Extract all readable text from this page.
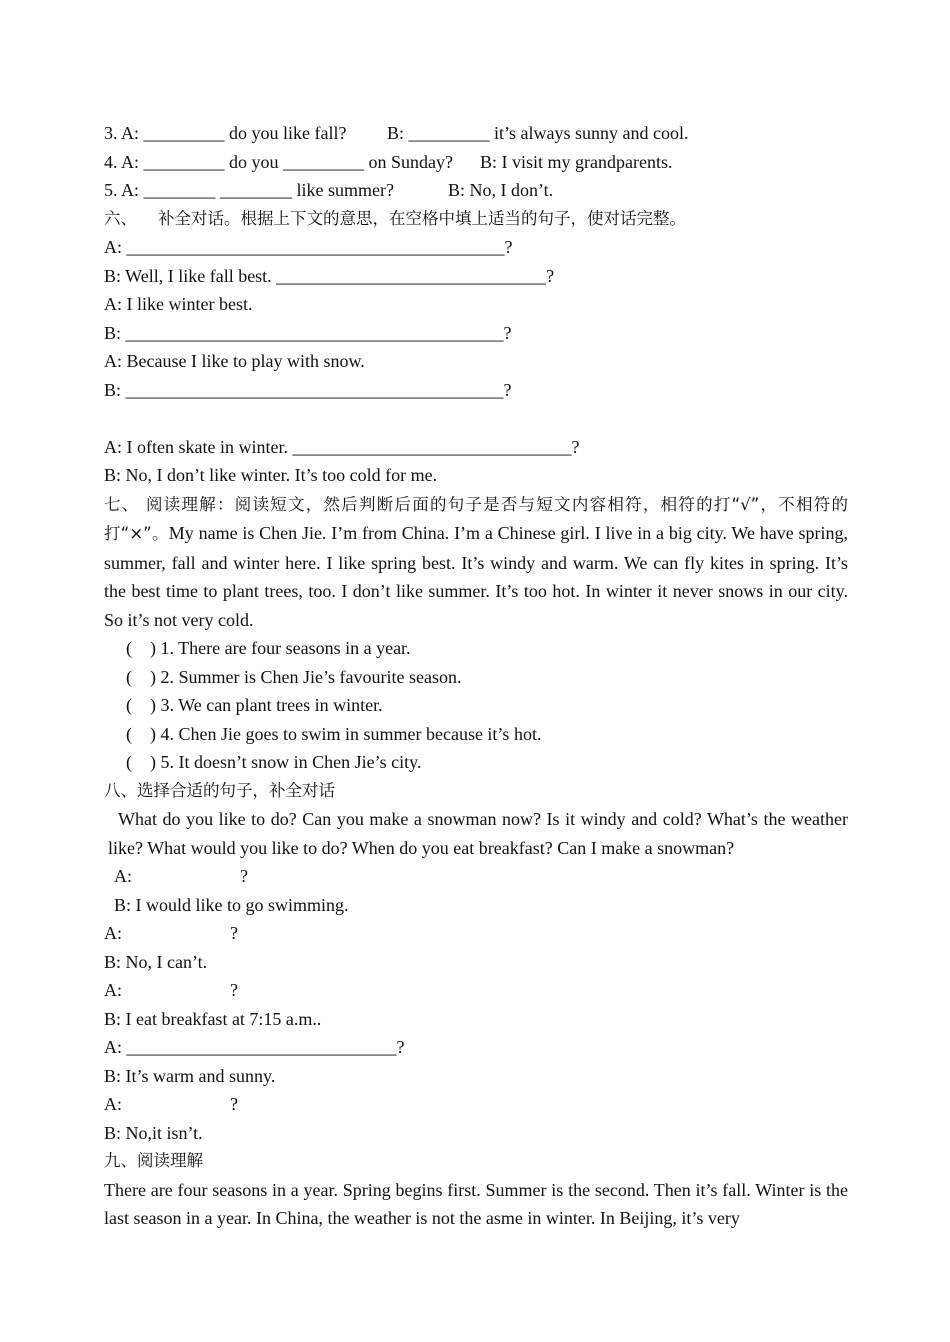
3. A: _________ do you like fall?         B: _________ it’s always sunny and cool.
4. A: _________ do you _________ on Sunday?      B: I visit my grandparents.
5. A: ________ ________ like summer?            B: No, I don’t.
六、    补全对话。根据上下文的意思，在空格中填上适当的句子，使对话完整。
A: __________________________________________?
B: Well, I like fall best. ______________________________?
A: I like winter best.
B: __________________________________________?
A: Because I like to play with snow.
B: __________________________________________?
A: I often skate in winter. _______________________________?
B: No, I don’t like winter. It’s too cold for me.
七、 阅读理解：阅读短文，然后判断后面的句子是否与短文内容相符，相符的打“√”，不相符的打“×”。My name is Chen Jie. I’m from China. I’m a Chinese girl. I live in a big city. We have spring, summer, fall and winter here. I like spring best. It’s windy and warm. We can fly kites in spring. It’s the best time to plant trees, too. I don’t like summer. It’s too hot. In winter it never snows in our city. So it’s not very cold.
(    ) 1. There are four seasons in a year.
(    ) 2. Summer is Chen Jie’s favourite season.
(    ) 3. We can plant trees in winter.
(    ) 4. Chen Jie goes to swim in summer because it’s hot.
(    ) 5. It doesn’t snow in Chen Jie’s city.
八、选择合适的句子，补全对话
What do you like to do? Can you make a snowman now? Is it windy and cold? What’s the weather like? What would you like to do? When do you eat breakfast? Can I make a snowman?
A:                        ?
B: I would like to go swimming.
A:                        ?
B: No, I can’t.
A:                        ?
B: I eat breakfast at 7:15 a.m..
A: ______________________________?
B: It’s warm and sunny.
A:                        ?
B: No,it isn’t.
九、阅读理解
There are four seasons in a year. Spring begins first. Summer is the second. Then it’s fall. Winter is the last season in a year. In China, the weather is not the asme in winter. In Beijing, it’s very
